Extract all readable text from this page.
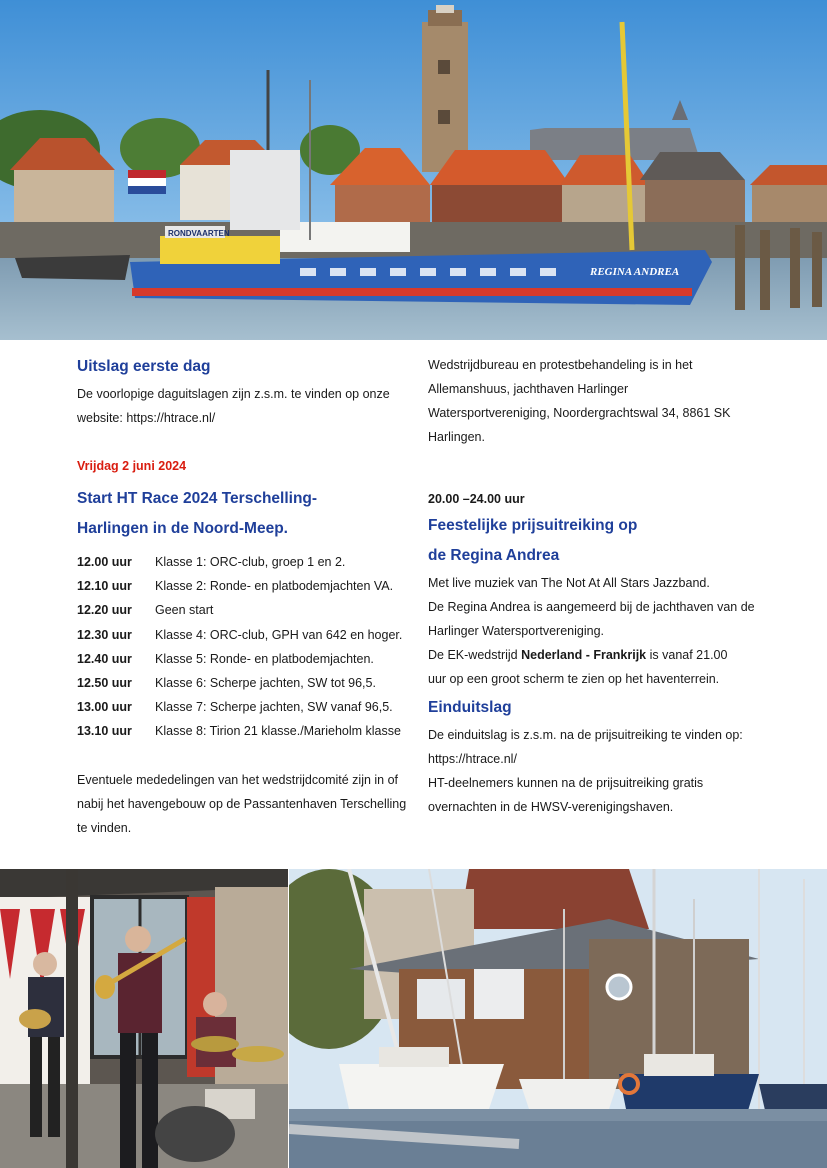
RONDVAARTEN
REGINA ANDREA

Uitslag eerste dag

De voorlopige daguitslagen zijn z.s.m. te vinden op onze

website: https://htrace.nl/

Vrijdag 2 juni 2024

Start HT Race 2024 Terschelling-

Harlingen in de Noord-Meep.

12.00 uur	Klasse 1: ORC-club, groep 1 en 2.
12.10 uur	Klasse 2: Ronde- en platbodemjachten VA.
12.20 uur	Geen start
12.30 uur	Klasse 4: ORC-club, GPH van 642 en hoger.
12.40 uur	Klasse 5: Ronde- en platbodemjachten.
12.50 uur	Klasse 6: Scherpe jachten, SW tot 96,5.
13.00 uur	Klasse 7: Scherpe jachten, SW vanaf 96,5.
13.10 uur	Klasse 8: Tirion 21 klasse./Marieholm klasse

Eventuele mededelingen van het wedstrijdcomité zijn in of

nabij het havengebouw op de Passantenhaven Terschelling

te vinden.

Wedstrijdbureau en protestbehandeling is in het

Allemanshuus, jachthaven Harlinger

Watersportvereniging, Noordergrachtswal 34, 8861 SK

Harlingen.

20.00 –24.00 uur

Feestelijke prijsuitreiking op

de Regina Andrea

Met live muziek van The Not At All Stars Jazzband.

De Regina Andrea is aangemeerd bij de jachthaven van de

Harlinger Watersportvereniging.

De EK-wedstrijd Nederland - Frankrijk is vanaf 21.00

uur op een groot scherm te zien op het haventerrein.

Einduitslag

De einduitslag is z.s.m. na de prijsuitreiking te vinden op:

https://htrace.nl/

HT-deelnemers kunnen na de prijsuitreiking gratis

overnachten in de HWSV-verenigingshaven.
